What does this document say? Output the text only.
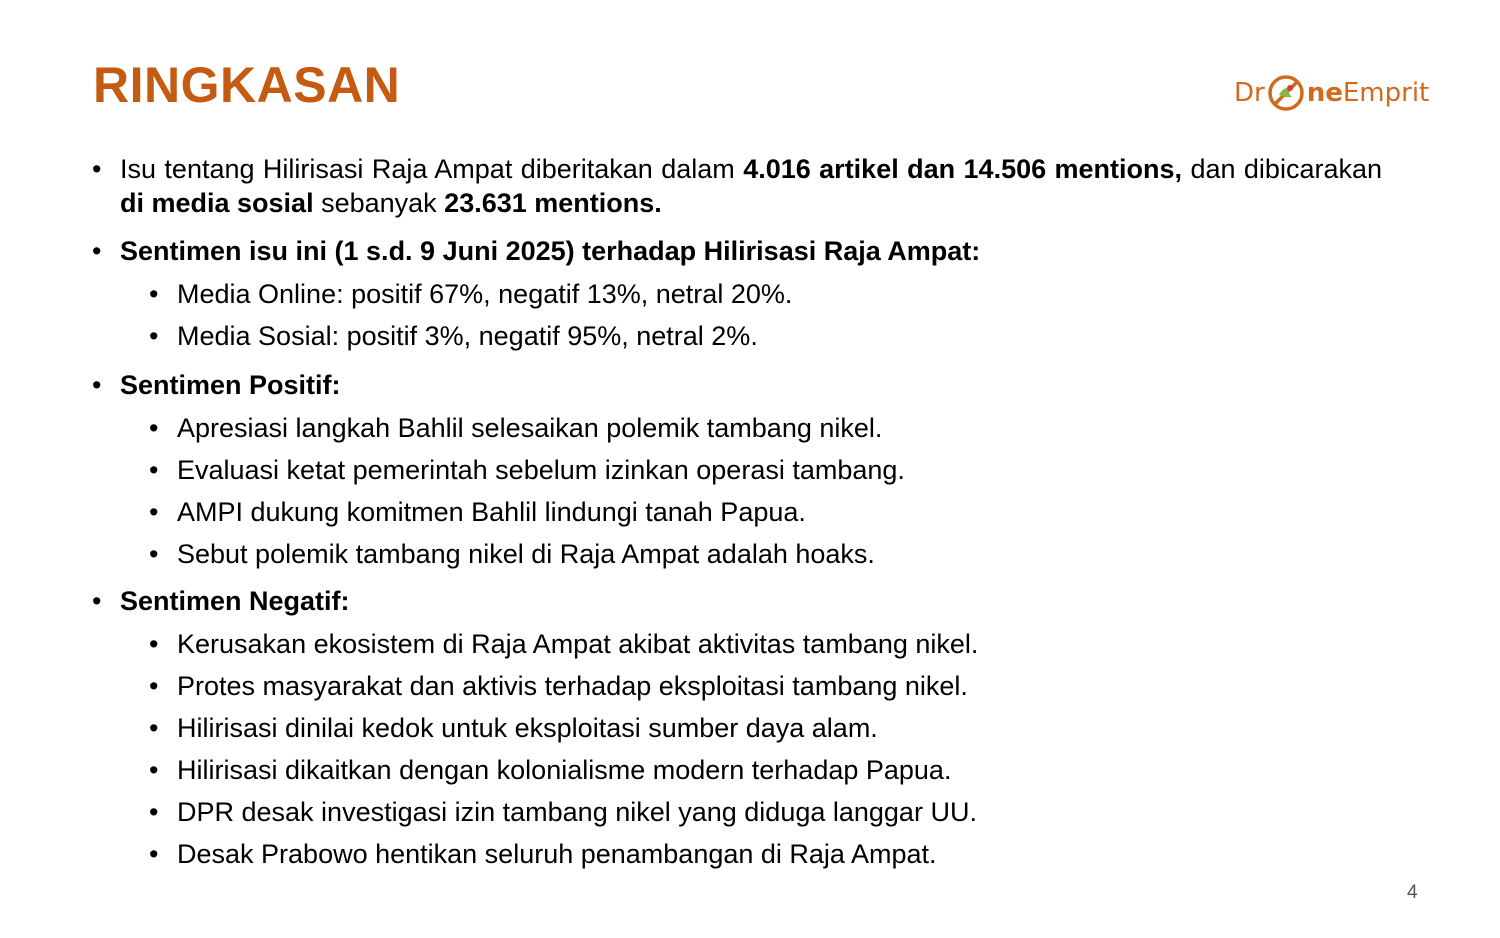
RINGKASAN	Dr ne Emprit
• Isu tentang Hilirisasi Raja Ampat diberitakan dalam 4.016 artikel dan 14.506 mentions, dan dibicarakan di media sosial sebanyak 23.631 mentions.
• Sentimen isu ini (1 s.d. 9 Juni 2025) terhadap Hilirisasi Raja Ampat:
• Media Online: positif 67%, negatif 13%, netral 20%.
• Media Sosial: positif 3%, negatif 95%, netral 2%.
• Sentimen Positif:
• Apresiasi langkah Bahlil selesaikan polemik tambang nikel.
• Evaluasi ketat pemerintah sebelum izinkan operasi tambang.
• AMPI dukung komitmen Bahlil lindungi tanah Papua.
• Sebut polemik tambang nikel di Raja Ampat adalah hoaks.
• Sentimen Negatif:
• Kerusakan ekosistem di Raja Ampat akibat aktivitas tambang nikel.
• Protes masyarakat dan aktivis terhadap eksploitasi tambang nikel.
• Hilirisasi dinilai kedok untuk eksploitasi sumber daya alam.
• Hilirisasi dikaitkan dengan kolonialisme modern terhadap Papua.
• DPR desak investigasi izin tambang nikel yang diduga langgar UU.
• Desak Prabowo hentikan seluruh penambangan di Raja Ampat.
4
